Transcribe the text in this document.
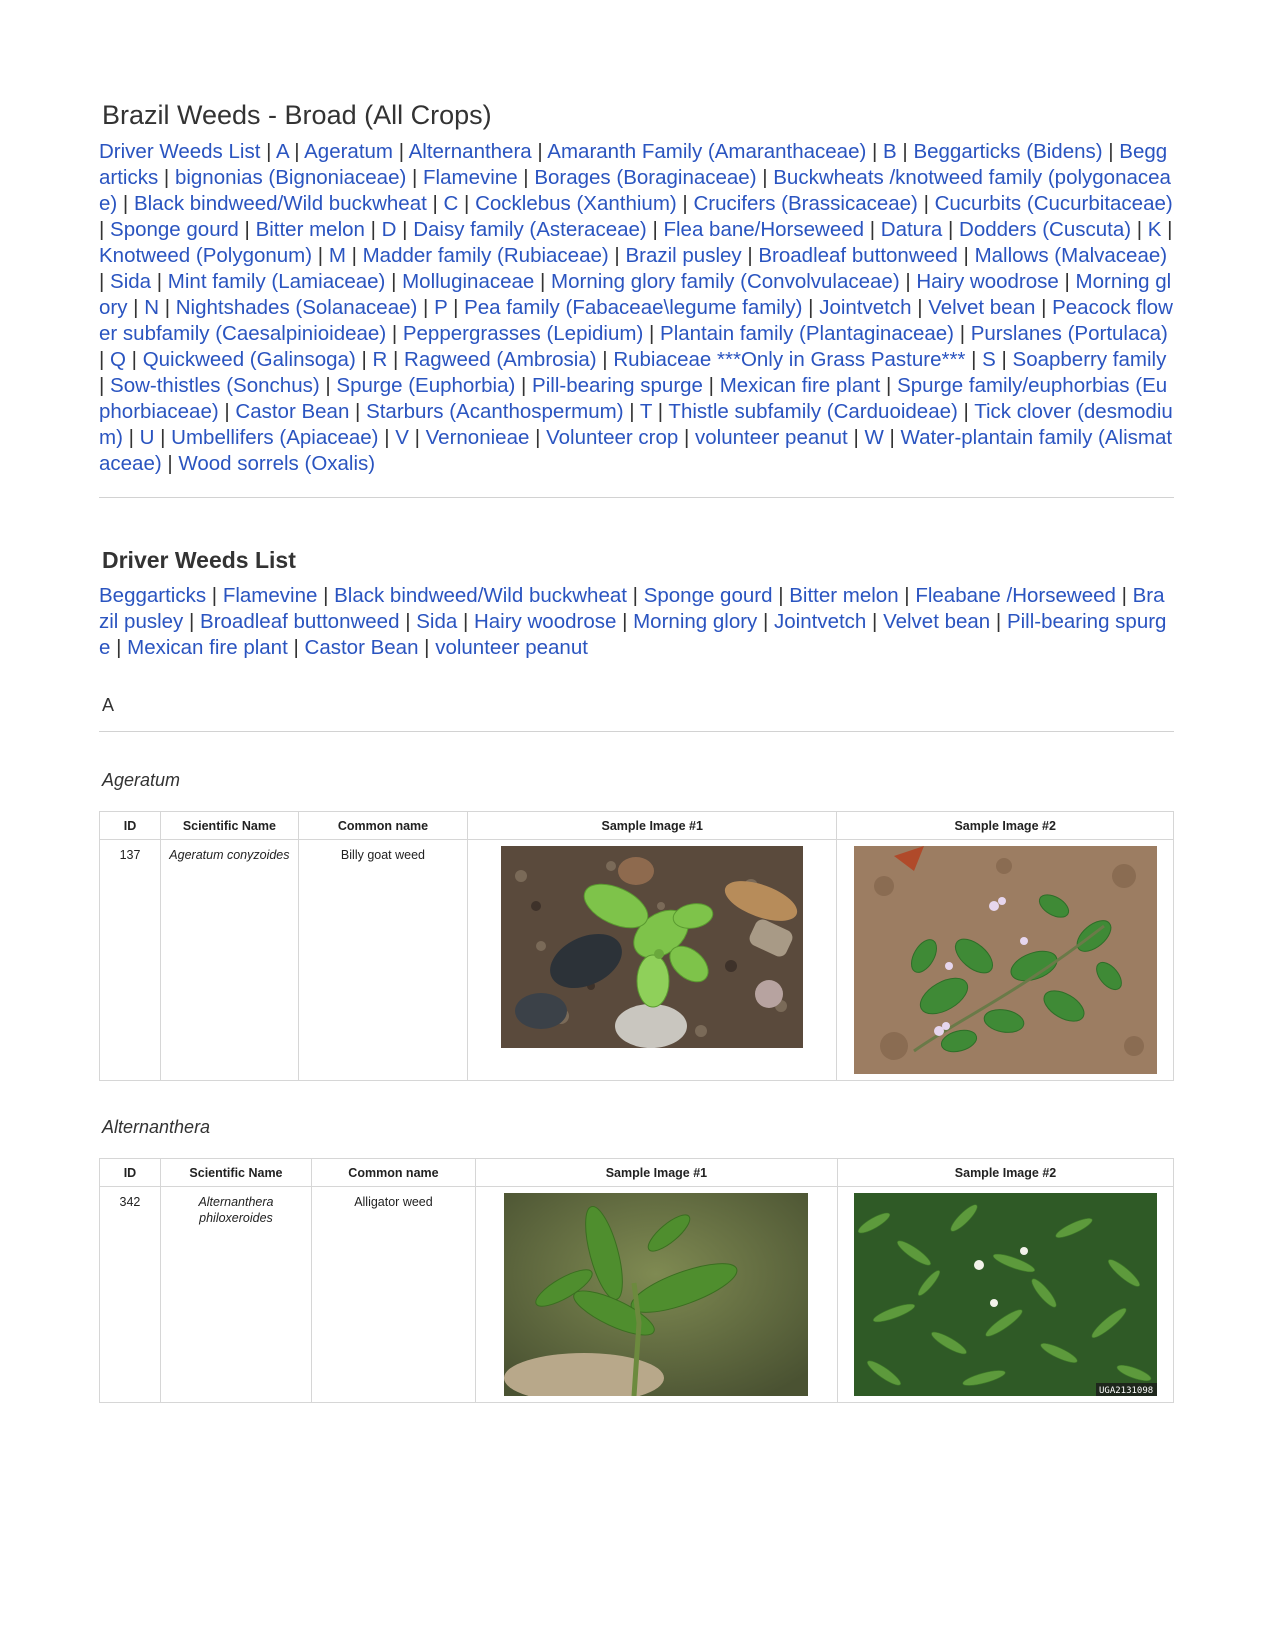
Brazil Weeds - Broad (All Crops)
Driver Weeds List | A | Ageratum | Alternanthera | Amaranth Family (Amaranthaceae) | B | Beggarticks (Bidens) | Beggarticks | bignonias (Bignoniaceae) | Flamevine | Borages (Boraginaceae) | Buckwheats /knotweed family (polygonaceae) | Black bindweed/Wild buckwheat | C | Cocklebus (Xanthium) | Crucifers (Brassicaceae) | Cucurbits (Cucurbitaceae) | Sponge gourd | Bitter melon | D | Daisy family (Asteraceae) | Flea bane/Horseweed | Datura | Dodders (Cuscuta) | K | Knotweed (Polygonum) | M | Madder family (Rubiaceae) | Brazil pusley | Broadleaf buttonweed | Mallows (Malvaceae) | Sida | Mint family (Lamiaceae) | Molluginaceae | Morning glory family (Convolvulaceae) | Hairy woodrose | Morning glory | N | Nightshades (Solanaceae) | P | Pea family (Fabaceae\legume family) | Jointvetch | Velvet bean | Peacock flower subfamily (Caesalpinioideae) | Peppergrasses (Lepidium) | Plantain family (Plantaginaceae) | Purslanes (Portulaca) | Q | Quickweed (Galinsoga) | R | Ragweed (Ambrosia) | Rubiaceae ***Only in Grass Pasture*** | S | Soapberry family | Sow-thistles (Sonchus) | Spurge (Euphorbia) | Pill-bearing spurge | Mexican fire plant | Spurge family/euphorbias (Euphorbiaceae) | Castor Bean | Starburs (Acanthospermum) | T | Thistle subfamily (Carduoideae) | Tick clover (desmodium) | U | Umbellifers (Apiaceae) | V | Vernonieae | Volunteer crop | volunteer peanut | W | Water-plantain family (Alismataceae) | Wood sorrels (Oxalis)
Driver Weeds List
Beggarticks | Flamevine | Black bindweed/Wild buckwheat | Sponge gourd | Bitter melon | Fleabane /Horseweed | Brazil pusley | Broadleaf buttonweed | Sida | Hairy woodrose | Morning glory | Jointvetch | Velvet bean | Pill-bearing spurge | Mexican fire plant | Castor Bean | volunteer peanut
A
Ageratum
ID	Scientific Name	Common name	Sample Image #1	Sample Image #2
137	Ageratum conyzoides	Billy goat weed	

Alternanthera
ID	Scientific Name	Common name	Sample Image #1	Sample Image #2
342	Alternanthera philoxeroides	Alligator weed		UGA2131098
